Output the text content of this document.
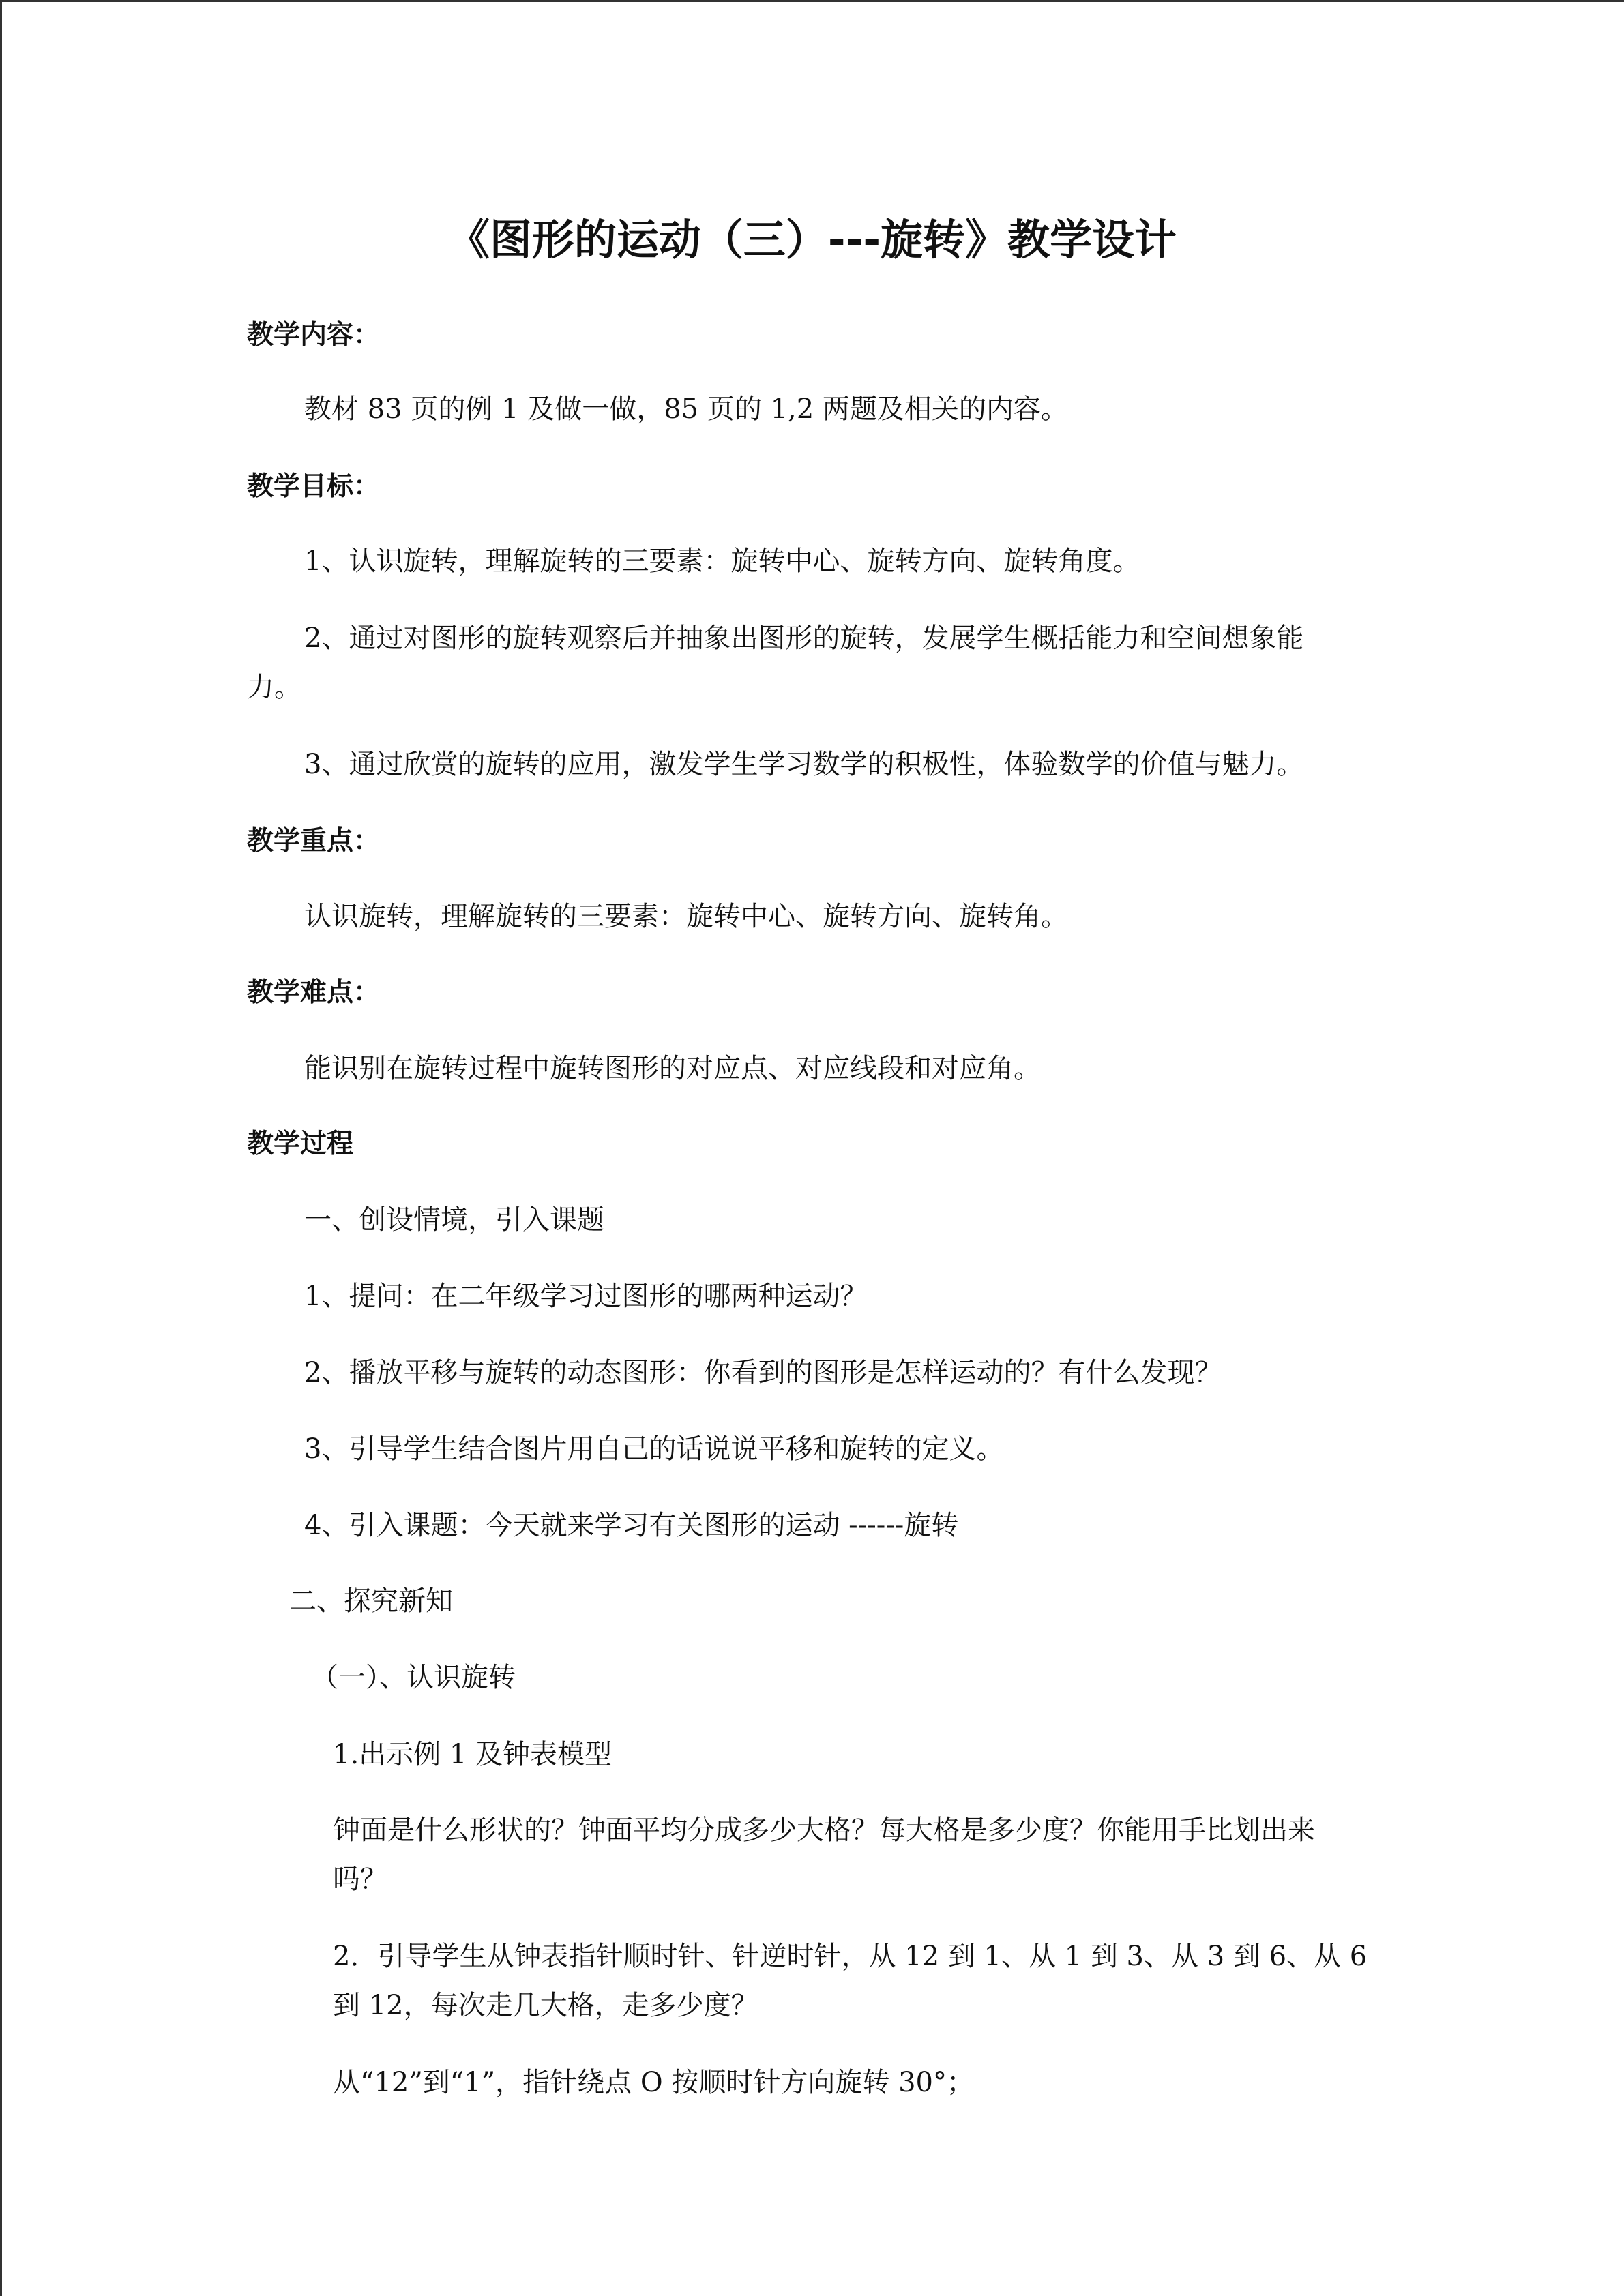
《图形的运动（三）---旋转》教学设计
教学内容：
教材 83 页的例 1 及做一做，85 页的 1,2 两题及相关的内容。
教学目标：
1、认识旋转，理解旋转的三要素：旋转中心、旋转方向、旋转角度。
2、通过对图形的旋转观察后并抽象出图形的旋转，发展学生概括能力和空间想象能
力。
3、通过欣赏的旋转的应用，激发学生学习数学的积极性，体验数学的价值与魅力。
教学重点：
认识旋转，理解旋转的三要素：旋转中心、旋转方向、旋转角。
教学难点：
能识别在旋转过程中旋转图形的对应点、对应线段和对应角。
教学过程
一、创设情境，引入课题
1、提问：在二年级学习过图形的哪两种运动？
2、播放平移与旋转的动态图形：你看到的图形是怎样运动的？有什么发现？
3、引导学生结合图片用自己的话说说平移和旋转的定义。
4、引入课题：今天就来学习有关图形的运动 ------旋转
二、探究新知
（一）、认识旋转
1.出示例 1 及钟表模型
钟面是什么形状的？钟面平均分成多少大格？每大格是多少度？你能用手比划出来
吗？
2．引导学生从钟表指针顺时针、针逆时针，从 12 到 1、从 1 到 3、从 3 到 6、从 6
到 12，每次走几大格，走多少度？
从“12”到“1”，指针绕点 O 按顺时针方向旋转 30°；
